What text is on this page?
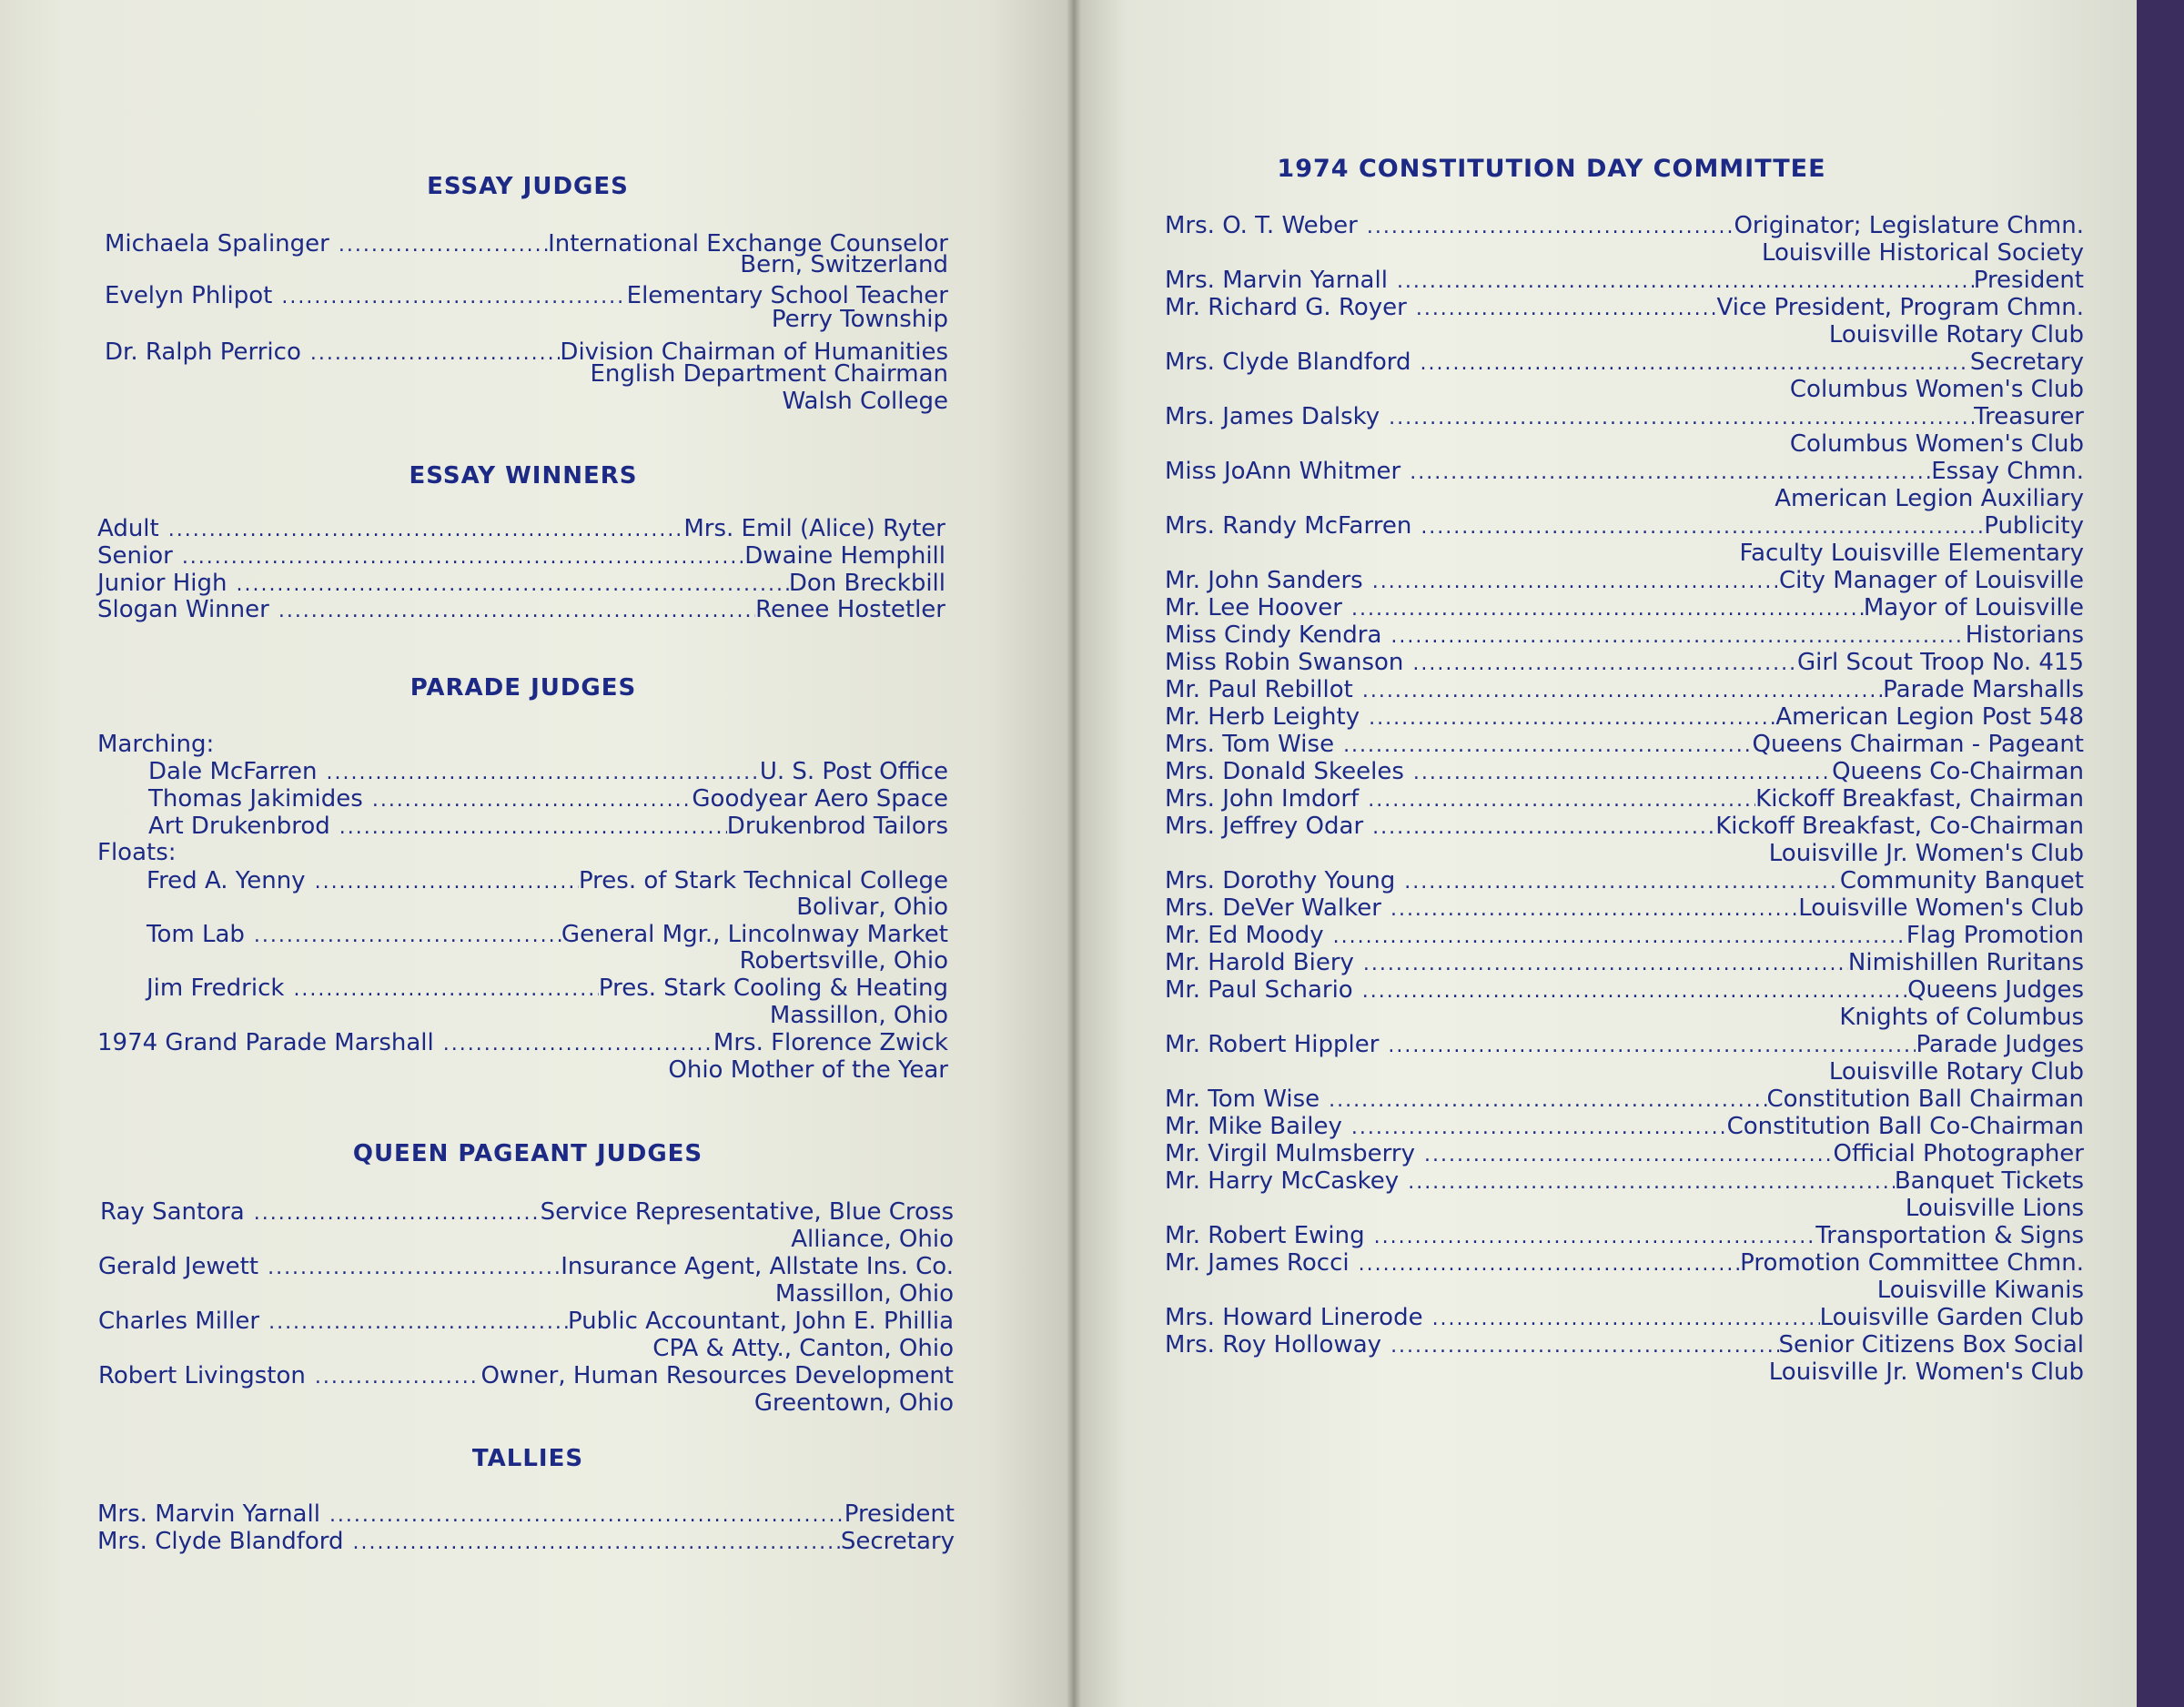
ESSAY JUDGES
Michaela Spalinger .....	International Exchange Counselor
Bern, Switzerland
Evelyn Phlipot .....	Elementary School Teacher
Perry Township
Dr. Ralph Perrico .....	Division Chairman of Humanities
English Department Chairman
Walsh College
ESSAY WINNERS
Adult .....	Mrs. Emil (Alice) Ryter
Senior .....	Dwaine Hemphill
Junior High .....	Don Breckbill
Slogan Winner .....	Renee Hostetler
PARADE JUDGES
Marching:
Dale McFarren .....	U. S. Post Office
Thomas Jakimides .....	Goodyear Aero Space
Art Drukenbrod .....	Drukenbrod Tailors
Floats:
Fred A. Yenny .....	Pres. of Stark Technical College
Bolivar, Ohio
Tom Lab .....	General Mgr., Lincolnway Market
Robertsville, Ohio
Jim Fredrick .....	Pres. Stark Cooling & Heating
Massillon, Ohio
1974 Grand Parade Marshall .....	Mrs. Florence Zwick
Ohio Mother of the Year
QUEEN PAGEANT JUDGES
Ray Santora .....	Service Representative, Blue Cross
Alliance, Ohio
Gerald Jewett .....	Insurance Agent, Allstate Ins. Co.
Massillon, Ohio
Charles Miller .....	Public Accountant, John E. Phillia
CPA & Atty., Canton, Ohio
Robert Livingston .....	Owner, Human Resources Development
Greentown, Ohio
TALLIES
Mrs. Marvin Yarnall .....	President
Mrs. Clyde Blandford .....	Secretary
1974 CONSTITUTION DAY COMMITTEE
Mrs. O. T. Weber .....	Originator; Legislature Chmn.
Louisville Historical Society
Mrs. Marvin Yarnall .....	President
Mr. Richard G. Royer .....	Vice President, Program Chmn.
Louisville Rotary Club
Mrs. Clyde Blandford .....	Secretary
Columbus Women's Club
Mrs. James Dalsky .....	Treasurer
Columbus Women's Club
Miss JoAnn Whitmer .....	Essay Chmn.
American Legion Auxiliary
Mrs. Randy McFarren .....	Publicity
Faculty Louisville Elementary
Mr. John Sanders .....	City Manager of Louisville
Mr. Lee Hoover .....	Mayor of Louisville
Miss Cindy Kendra .....	Historians
Miss Robin Swanson .....	Girl Scout Troop No. 415
Mr. Paul Rebillot .....	Parade Marshalls
Mr. Herb Leighty .....	American Legion Post 548
Mrs. Tom Wise .....	Queens Chairman - Pageant
Mrs. Donald Skeeles .....	Queens Co-Chairman
Mrs. John Imdorf .....	Kickoff Breakfast, Chairman
Mrs. Jeffrey Odar .....	Kickoff Breakfast, Co-Chairman
Louisville Jr. Women's Club
Mrs. Dorothy Young .....	Community Banquet
Mrs. DeVer Walker .....	Louisville Women's Club
Mr. Ed Moody .....	Flag Promotion
Mr. Harold Biery .....	Nimishillen Ruritans
Mr. Paul Schario .....	Queens Judges
Knights of Columbus
Mr. Robert Hippler .....	Parade Judges
Louisville Rotary Club
Mr. Tom Wise .....	Constitution Ball Chairman
Mr. Mike Bailey .....	Constitution Ball Co-Chairman
Mr. Virgil Mulmsberry .....	Official Photographer
Mr. Harry McCaskey .....	Banquet Tickets
Louisville Lions
Mr. Robert Ewing .....	Transportation & Signs
Mr. James Rocci .....	Promotion Committee Chmn.
Louisville Kiwanis
Mrs. Howard Linerode .....	Louisville Garden Club
Mrs. Roy Holloway .....	Senior Citizens Box Social
Louisville Jr. Women's Club
